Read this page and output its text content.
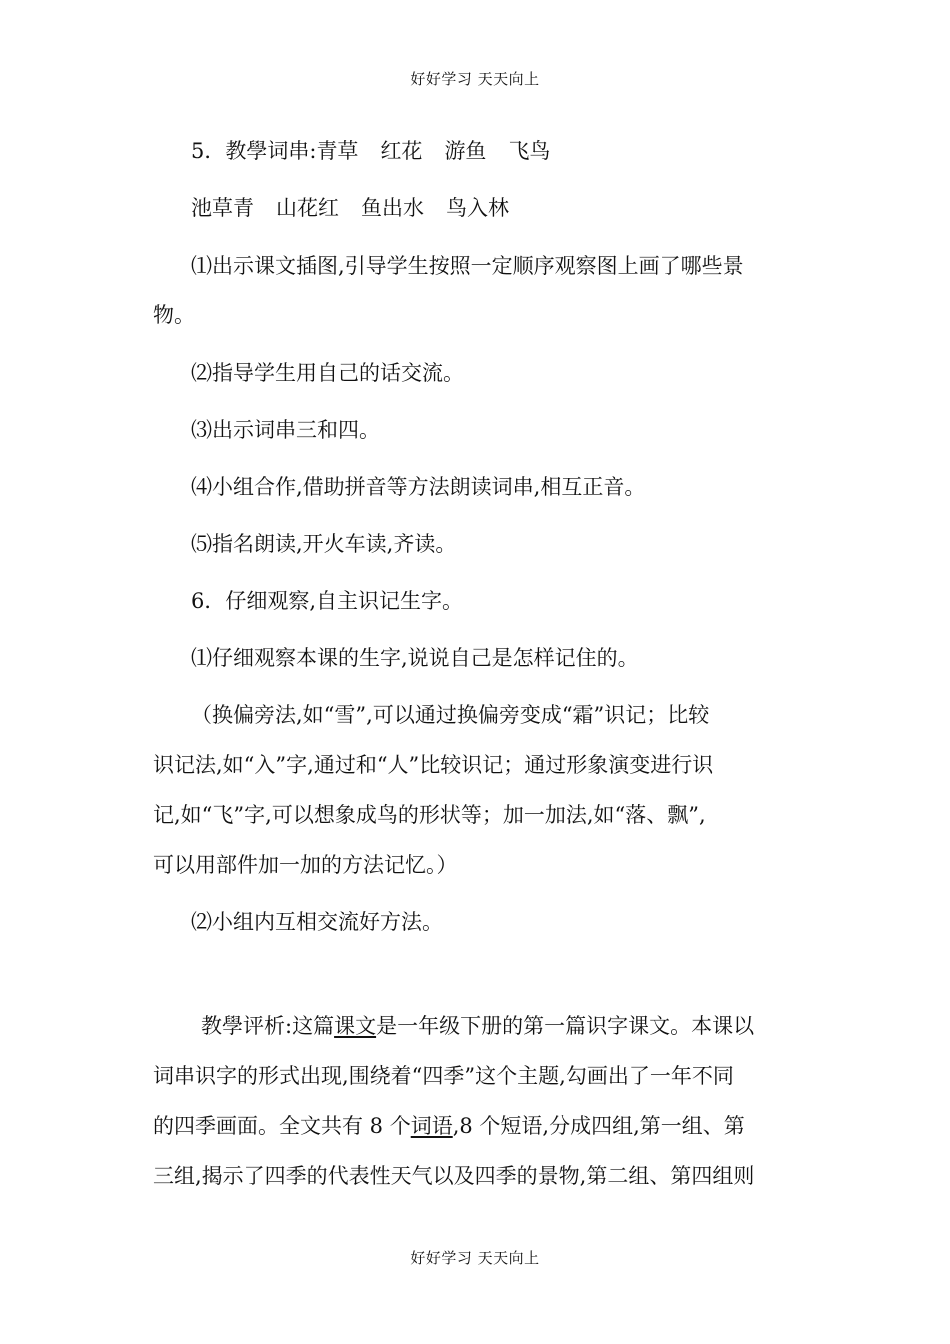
好好学习 天天向上
5．教學词串:青草 红花 游鱼 飞鸟
池草青 山花红 鱼出水 鸟入林
⑴出示课文插图,引导学生按照一定顺序观察图上画了哪些景
物。
⑵指导学生用自己的话交流。
⑶出示词串三和四。
⑷小组合作,借助拼音等方法朗读词串,相互正音。
⑸指名朗读,开火车读,齐读。
6．仔细观察,自主识记生字。
⑴仔细观察本课的生字,说说自己是怎样记住的。
（换偏旁法,如“雪”,可以通过换偏旁变成“霜”识记；比较
识记法,如“入”字,通过和“人”比较识记；通过形象演变进行识
记,如“飞”字,可以想象成鸟的形状等；加一加法,如“落、飘”,
可以用部件加一加的方法记忆。）
⑵小组内互相交流好方法。
教學评析:这篇课文是一年级下册的第一篇识字课文。本课以
词串识字的形式出现,围绕着“四季”这个主题,勾画出了一年不同
的四季画面。全文共有 8 个词语,8 个短语,分成四组,第一组、第
三组,揭示了四季的代表性天气以及四季的景物,第二组、第四组则
好好学习 天天向上
